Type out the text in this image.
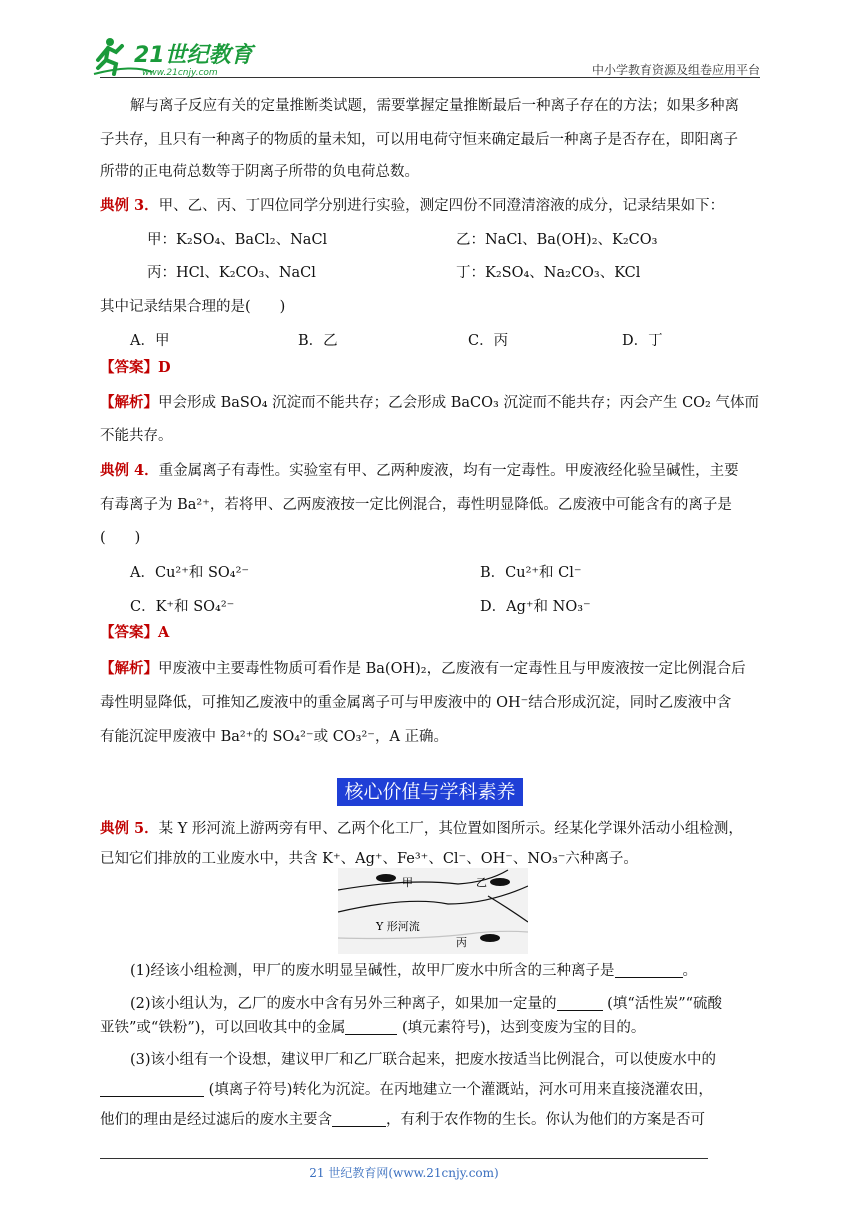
21世纪教育
www.21cnjy.com	中小学教育资源及组卷应用平台
解与离子反应有关的定量推断类试题，需要掌握定量推断最后一种离子存在的方法；如果多种离
子共存，且只有一种离子的物质的量未知，可以用电荷守恒来确定最后一种离子是否存在，即阳离子
所带的正电荷总数等于阴离子所带的负电荷总数。
典例 3．甲、乙、丙、丁四位同学分别进行实验，测定四份不同澄清溶液的成分，记录结果如下：
甲：K₂SO₄、BaCl₂、NaCl	乙：NaCl、Ba(OH)₂、K₂CO₃
丙：HCl、K₂CO₃、NaCl	丁：K₂SO₄、Na₂CO₃、KCl
其中记录结果合理的是(　　)
A．甲	B．乙	C．丙	D．丁
【答案】D
【解析】甲会形成 BaSO₄ 沉淀而不能共存；乙会形成 BaCO₃ 沉淀而不能共存；丙会产生 CO₂ 气体而
不能共存。
典例 4．重金属离子有毒性。实验室有甲、乙两种废液，均有一定毒性。甲废液经化验呈碱性，主要
有毒离子为 Ba²⁺，若将甲、乙两废液按一定比例混合，毒性明显降低。乙废液中可能含有的离子是
(　　)
A．Cu²⁺和 SO₄²⁻	B．Cu²⁺和 Cl⁻
C．K⁺和 SO₄²⁻	D．Ag⁺和 NO₃⁻
【答案】A
【解析】甲废液中主要毒性物质可看作是 Ba(OH)₂，乙废液有一定毒性且与甲废液按一定比例混合后
毒性明显降低，可推知乙废液中的重金属离子可与甲废液中的 OH⁻结合形成沉淀，同时乙废液中含
有能沉淀甲废液中 Ba²⁺的 SO₄²⁻或 CO₃²⁻，A 正确。
核心价值与学科素养
典例 5．某 Y 形河流上游两旁有甲、乙两个化工厂，其位置如图所示。经某化学课外活动小组检测，
已知它们排放的工业废水中，共含 K⁺、Ag⁺、Fe³⁺、Cl⁻、OH⁻、NO₃⁻六种离子。
甲	乙
丙
Y 形河流
(1)经该小组检测，甲厂的废水明显呈碱性，故甲厂废水中所含的三种离子是	。
(2)该小组认为，乙厂的废水中含有另外三种离子，如果加一定量的	(填“活性炭”“硫酸
亚铁”或“铁粉”)，可以回收其中的金属	(填元素符号)，达到变废为宝的目的。
(3)该小组有一个设想，建议甲厂和乙厂联合起来，把废水按适当比例混合，可以使废水中的
(填离子符号)转化为沉淀。在丙地建立一个灌溉站，河水可用来直接浇灌农田，
他们的理由是经过滤后的废水主要含	，有利于农作物的生长。你认为他们的方案是否可
21 世纪教育网(www.21cnjy.com)
